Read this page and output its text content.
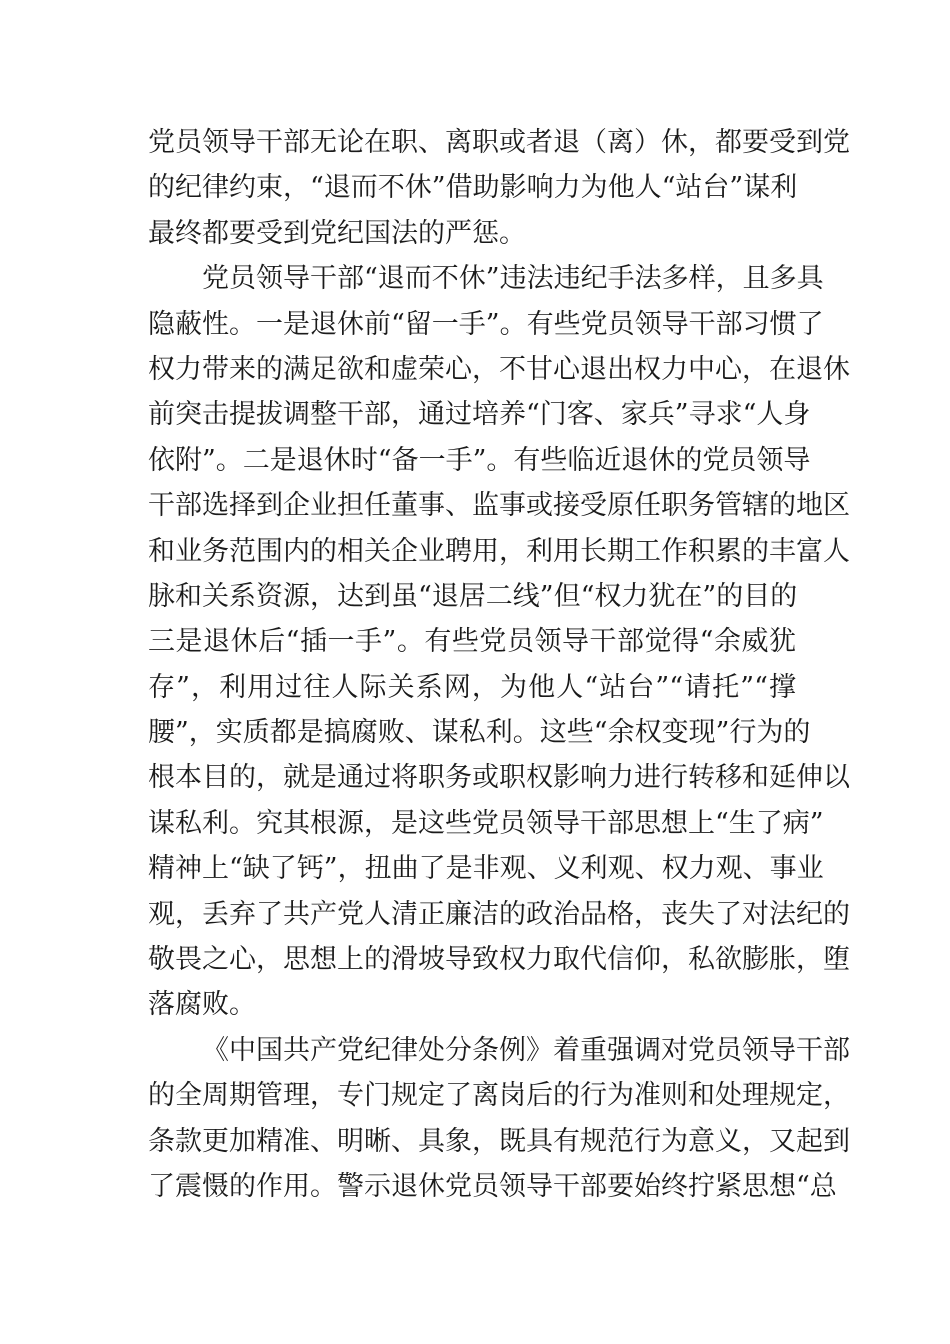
党员领导干部无论在职、离职或者退（离）休，都要受到党
的纪律约束，“退而不休”借助影响力为他人“站台”谋利
最终都要受到党纪国法的严惩。
党员领导干部“退而不休”违法违纪手法多样，且多具
隐蔽性。一是退休前“留一手”。有些党员领导干部习惯了
权力带来的满足欲和虚荣心，不甘心退出权力中心，在退休
前突击提拔调整干部，通过培养“门客、家兵”寻求“人身
依附”。二是退休时“备一手”。有些临近退休的党员领导
干部选择到企业担任董事、监事或接受原任职务管辖的地区
和业务范围内的相关企业聘用，利用长期工作积累的丰富人
脉和关系资源，达到虽“退居二线”但“权力犹在”的目的
三是退休后“插一手”。有些党员领导干部觉得“余威犹
存”，利用过往人际关系网，为他人“站台”“请托”“撑
腰”，实质都是搞腐败、谋私利。这些“余权变现”行为的
根本目的，就是通过将职务或职权影响力进行转移和延伸以
谋私利。究其根源，是这些党员领导干部思想上“生了病”
精神上“缺了钙”，扭曲了是非观、义利观、权力观、事业
观，丢弃了共产党人清正廉洁的政治品格，丧失了对法纪的
敬畏之心，思想上的滑坡导致权力取代信仰，私欲膨胀，堕
落腐败。
《中国共产党纪律处分条例》着重强调对党员领导干部
的全周期管理，专门规定了离岗后的行为准则和处理规定，
条款更加精准、明晰、具象，既具有规范行为意义，又起到
了震慑的作用。警示退休党员领导干部要始终拧紧思想“总
